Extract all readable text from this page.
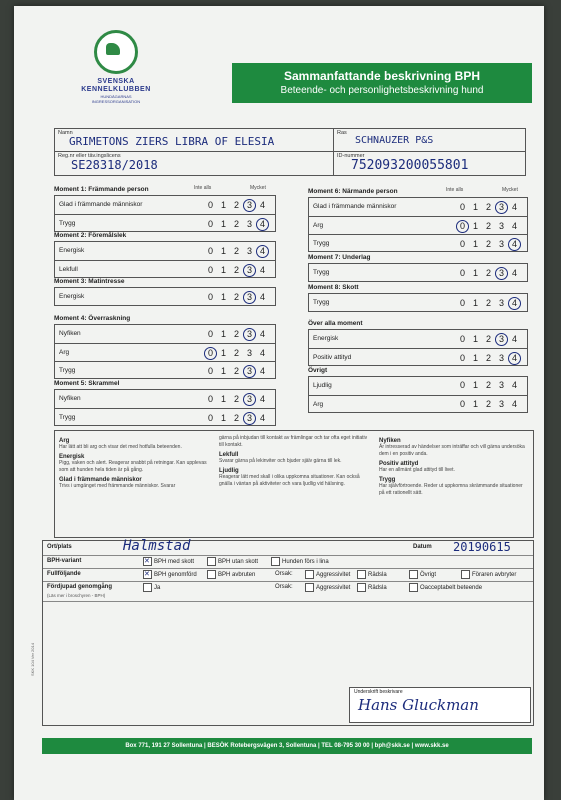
SVENSKA
KENNELKLUBBEN
HUNDÄGARNAS INGRESSORGANISATION
Sammanfattande beskrivning BPH
Beteende- och personlighetsbeskrivning hund
Namn
GRIMETONS ZIERS LIBRA OF ELESIA
Ras
SCHNAUZER P&S
Reg.nr eller täv.ingslicens
SE28318/2018
ID-nummer
752093200055801
Arg
Har lätt att bli arg och visar det med hotfulla beteenden.
Energisk
Pigg, vaken och alert. Reagerar snabbt på retningar. Kan upplevas som att hunden hela tiden är på gång.
Glad i främmande människor
Trivs i umgänget med främmande människor. Svarar
gärna på inbjudan till kontakt av främlingar och tar ofta eget initiativ till kontakt.
Lekfull
Svarar gärna på lekinviter och bjuder själv gärna till lek.
Ljudlig
Reagerar lätt med skall i olika uppkomna situationer. Kan också gnälla i väntan på aktiviteter och vara ljudlig vid hälsning.
Nyfiken
Är intresserad av händelser som inträffar och vill gärna undersöka dem i en positiv anda.
Positiv attityd
Har en allmänt glad attityd till livet.
Trygg
Har självförtroende. Reder ut uppkomna skrämmande situationer på ett rationellt sätt.
Ort/plats	Halmstad	Datum 20190615
BPH-variant	✕ BPH med skott	BPH utan skott	Hunden förs i lina
Fullföljande	✕ BPH genomförd	BPH avbruten	Orsak:	Aggressivitet	Rädsla	Övrigt	Föraren avbryter
Fördjupad genomgång
(Läs mer i broschyren - BPH)
Ja	Orsak:	Aggressivitet	Rädsla	Oacceptabelt beteende
Underskrift beskrivare
Hans Gluckman
SKK 104 Ver 2014
Box 771, 191 27 Sollentuna | BESÖK Rotebergsvägen 3, Sollentuna | TEL 08-795 30 00 | bph@skk.se | www.skk.se
Moment 1: Främmande person	Inte alls	Mycket
Glad i främmande människor	0 1 2 3 4
Trygg	0 1 2 3 4
Moment 2: Föremålslek
Energisk	0 1 2 3 4
Lekfull	0 1 2 3 4
Moment 3: Matintresse
Energisk	0 1 2 3 4
Moment 4: Överraskning
Nyfiken	0 1 2 3 4
Arg	0 1 2 3 4
Trygg	0 1 2 3 4
Moment 5: Skrammel
Nyfiken	0 1 2 3 4
Trygg	0 1 2 3 4
Moment 6: Närmande person	Inte alls	Mycket
Glad i främmande människor	0 1 2 3 4
Arg	0 1 2 3 4
Trygg	0 1 2 3 4
Moment 7: Underlag
Trygg	0 1 2 3 4
Moment 8: Skott
Trygg	0 1 2 3 4
Över alla moment
Energisk	0 1 2 3 4
Positiv attityd	0 1 2 3 4
Övrigt
Ljudlig	0 1 2 3 4
Arg	0 1 2 3 4
